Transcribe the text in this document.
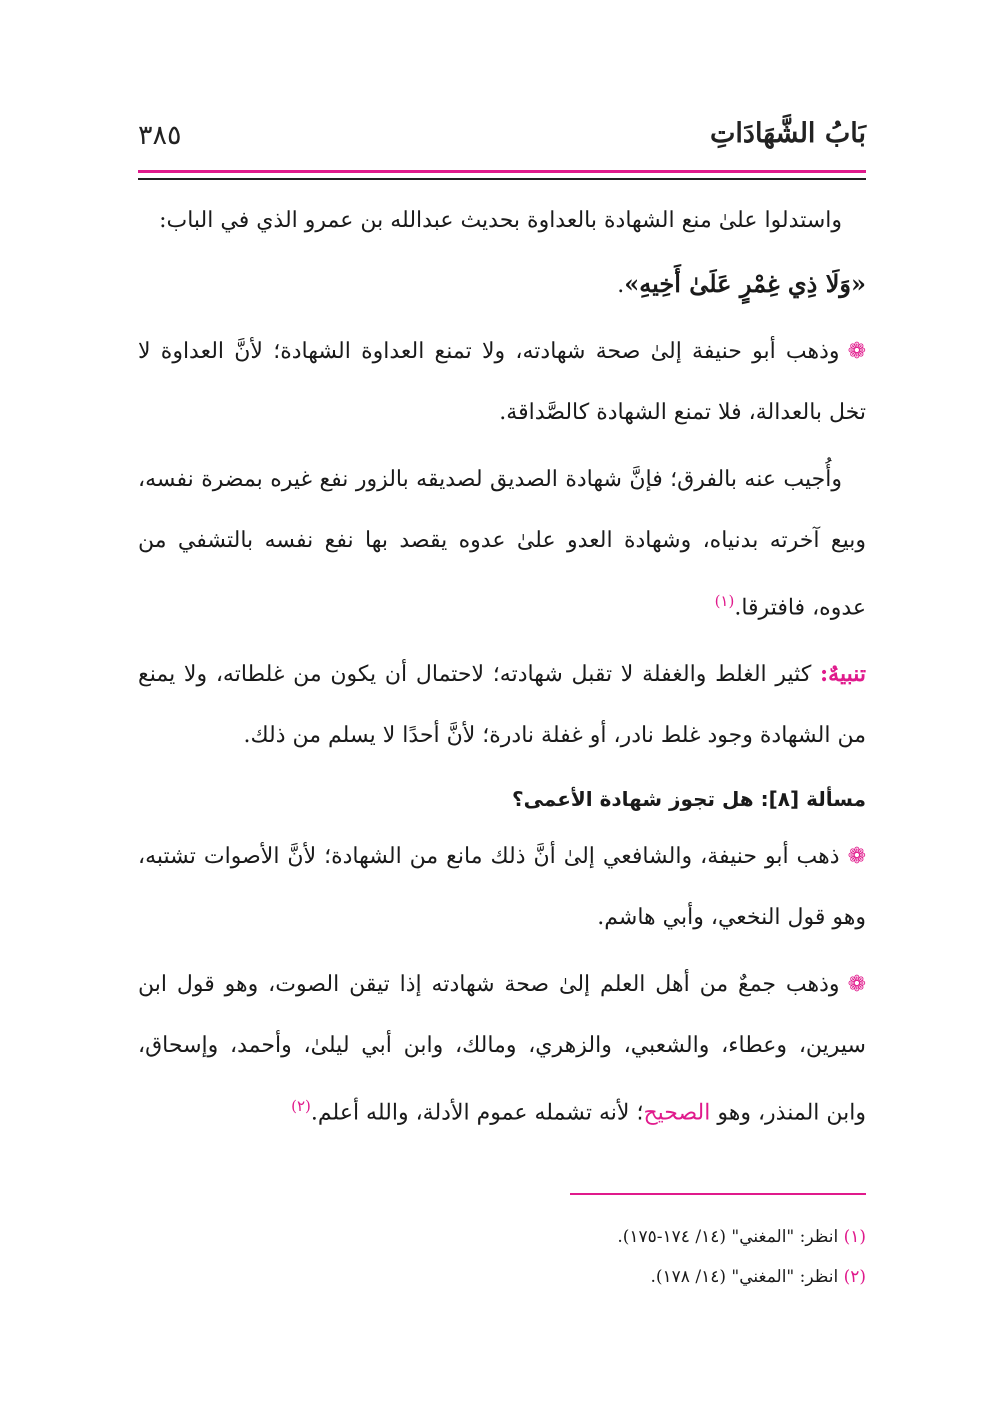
بَابُ الشَّهَادَاتِ
٣٨٥

واستدلوا علىٰ منع الشهادة بالعداوة بحديث عبدالله بن عمرو الذي في الباب:

«وَلَا ذِي غِمْرٍ عَلَىٰ أَخِيهِ».

❁وذهب أبو حنيفة إلىٰ صحة شهادته، ولا تمنع العداوة الشهادة؛ لأنَّ العداوة لا تخل بالعدالة، فلا تمنع الشهادة كالصَّداقة.

وأُجيب عنه بالفرق؛ فإنَّ شهادة الصديق لصديقه بالزور نفع غيره بمضرة نفسه، وبيع آخرته بدنياه، وشهادة العدو علىٰ عدوه يقصد بها نفع نفسه بالتشفي من عدوه، فافترقا.$^{(١)}$

تنبيهٌ: كثير الغلط والغفلة لا تقبل شهادته؛ لاحتمال أن يكون من غلطاته، ولا يمنع من الشهادة وجود غلط نادر، أو غفلة نادرة؛ لأنَّ أحدًا لا يسلم من ذلك.

مسألة [٨]: هل تجوز شهادة الأعمى؟

❁ذهب أبو حنيفة، والشافعي إلىٰ أنَّ ذلك مانع من الشهادة؛ لأنَّ الأصوات تشتبه، وهو قول النخعي، وأبي هاشم.

❁وذهب جمعٌ من أهل العلم إلىٰ صحة شهادته إذا تيقن الصوت، وهو قول ابن سيرين، وعطاء، والشعبي، والزهري، ومالك، وابن أبي ليلىٰ، وأحمد، وإسحاق، وابن المنذر، وهو الصحيح؛ لأنه تشمله عموم الأدلة، والله أعلم.$^{(٢)}$

(١) انظر: "المغني" (١٤/ ١٧٤-١٧٥).

(٢) انظر: "المغني" (١٤/ ١٧٨).
